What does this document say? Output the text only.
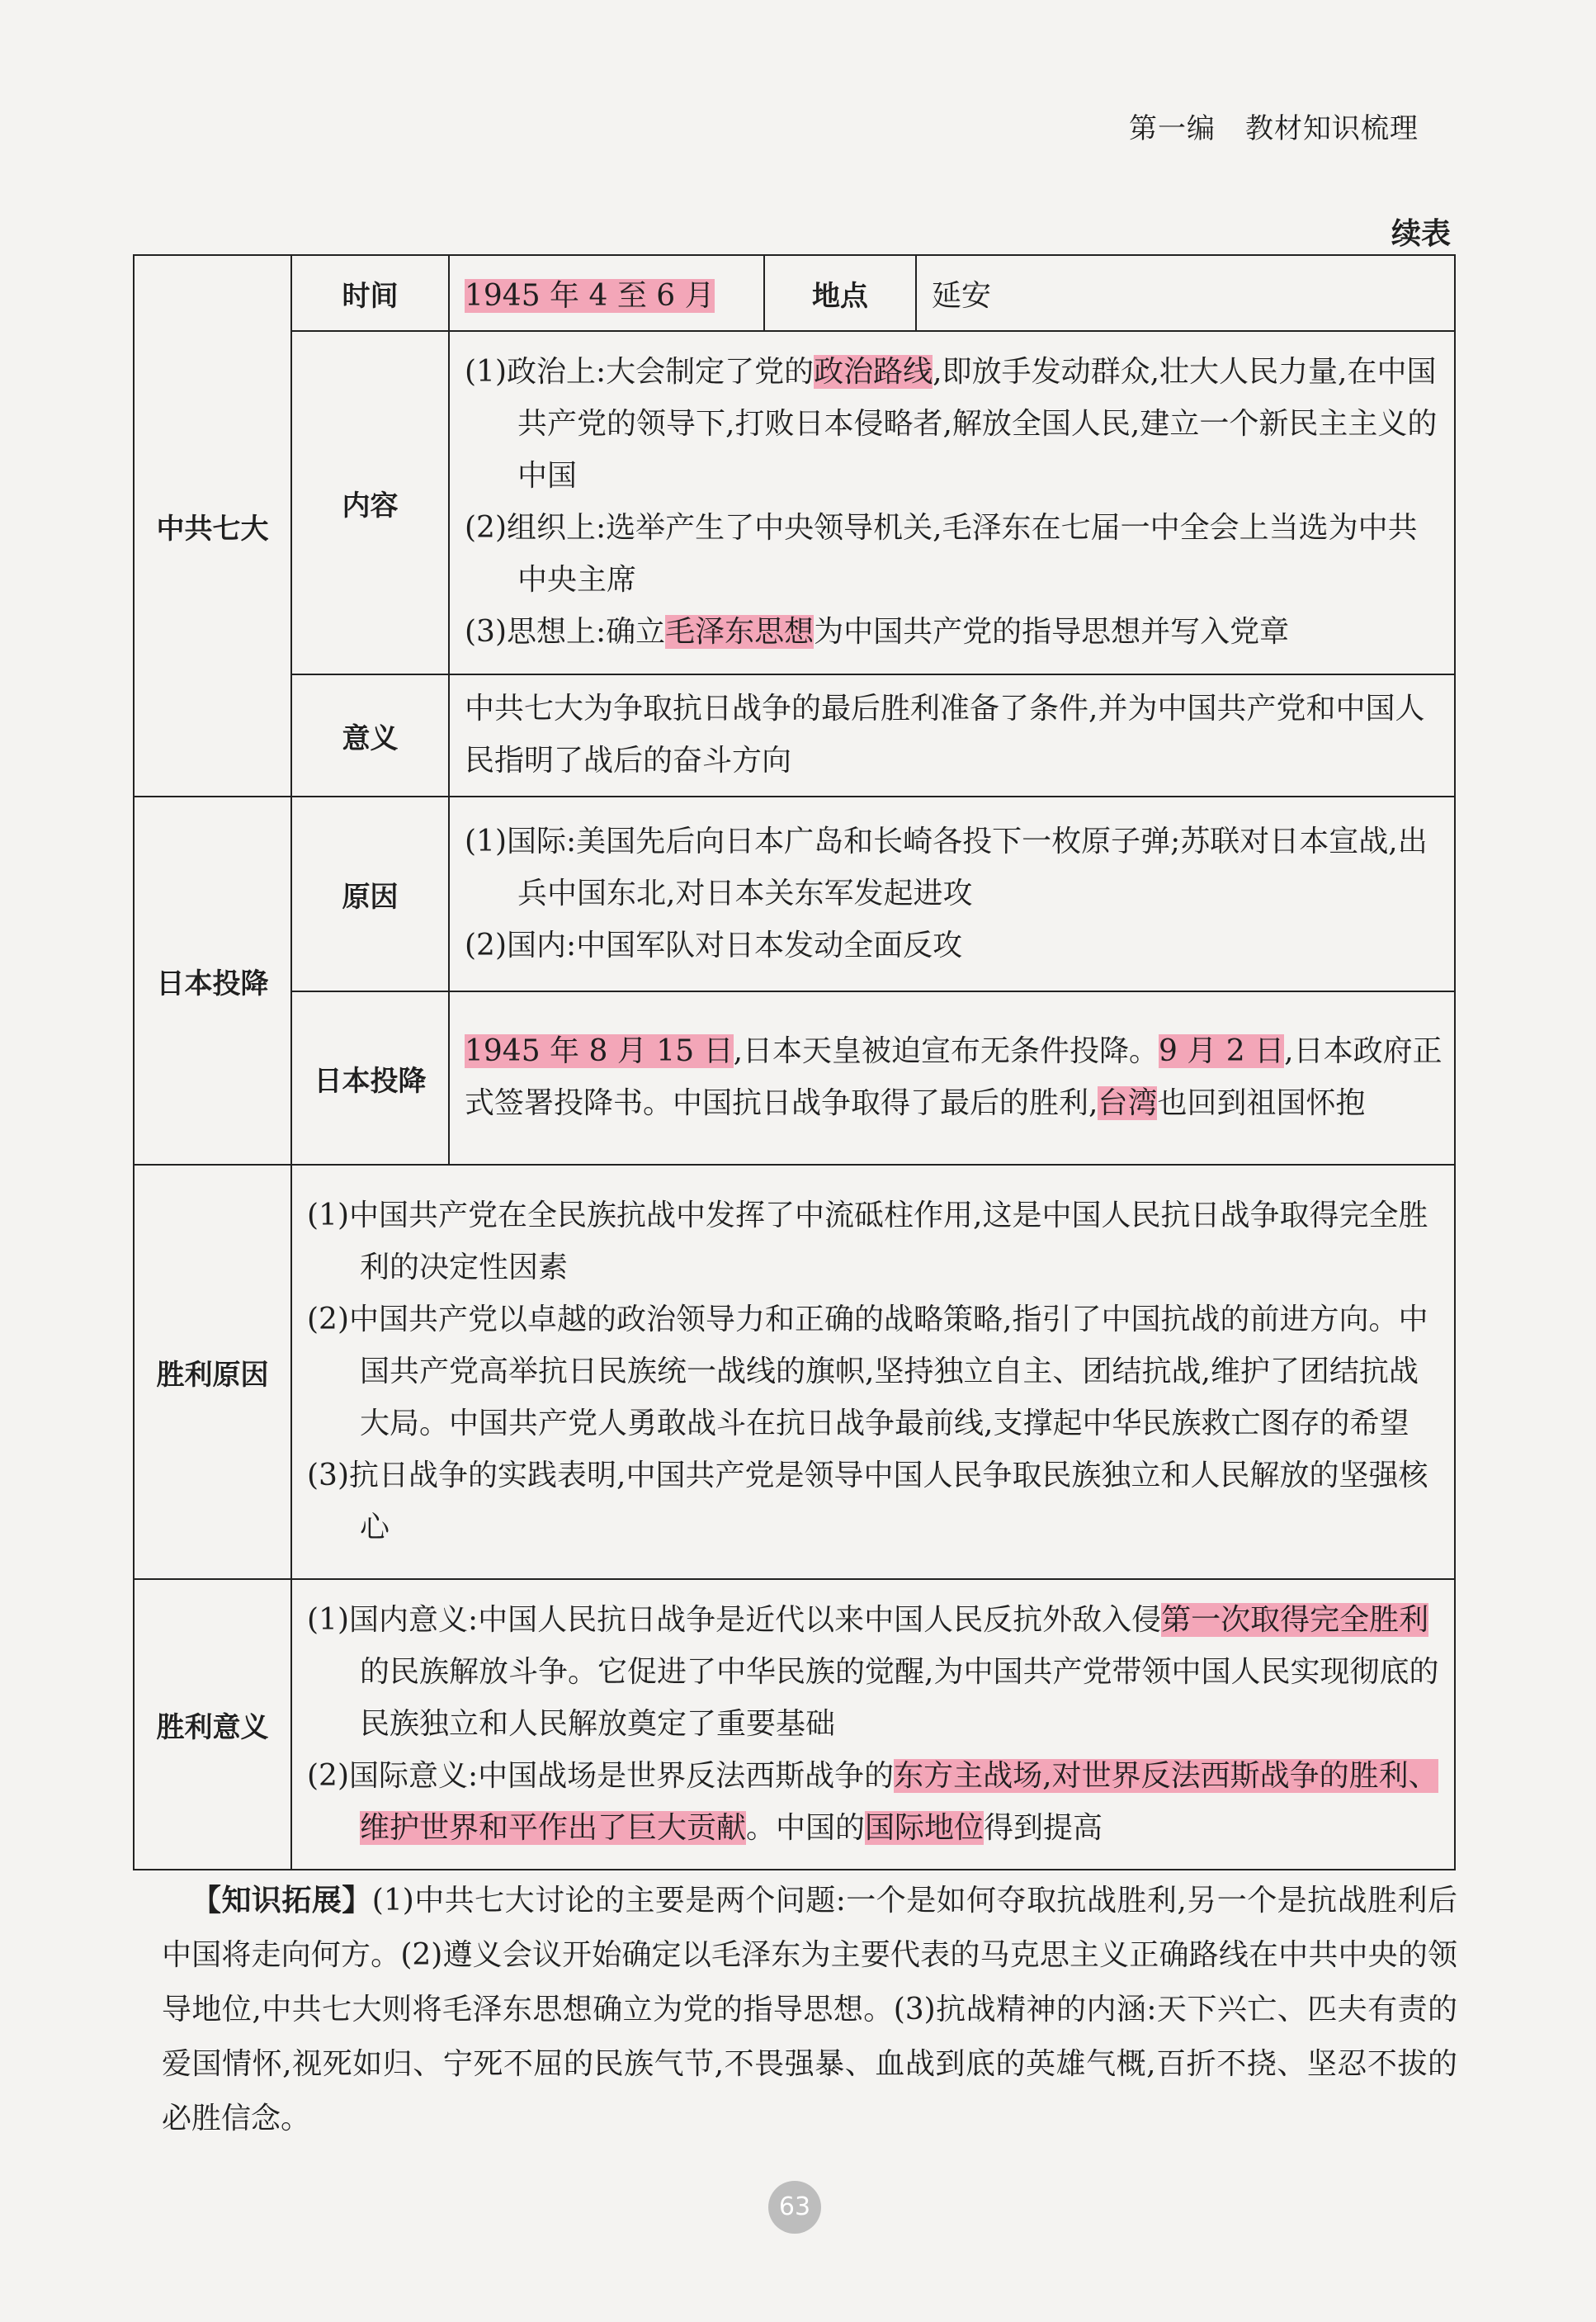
第一编 教材知识梳理
续表
中共七大	时间	1945 年 4 至 6 月	地点	延安
	内容	(1)政治上:大会制定了党的政治路线,即放手发动群众,壮大人民力量,在中国共产党的领导下,打败日本侵略者,解放全国人民,建立一个新民主主义的中国
(2)组织上:选举产生了中央领导机关,毛泽东在七届一中全会上当选为中共中央主席
(3)思想上:确立毛泽东思想为中国共产党的指导思想并写入党章		

	意义	中共七大为争取抗日战争的最后胜利准备了条件,并为中国共产党和中国人民指明了战后的奋斗方向		
日本投降	原因	(1)国际:美国先后向日本广岛和长崎各投下一枚原子弹;苏联对日本宣战,出兵中国东北,对日本关东军发起进攻
(2)国内:中国军队对日本发动全面反攻		

	日本投降	1945 年 8 月 15 日,日本天皇被迫宣布无条件投降。9 月 2 日,日本政府正式签署投降书。中国抗日战争取得了最后的胜利,台湾也回到祖国怀抱		
胜利原因	(1)中国共产党在全民族抗战中发挥了中流砥柱作用,这是中国人民抗日战争取得完全胜利的决定性因素
(2)中国共产党以卓越的政治领导力和正确的战略策略,指引了中国抗战的前进方向。中国共产党高举抗日民族统一战线的旗帜,坚持独立自主、团结抗战,维护了团结抗战大局。中国共产党人勇敢战斗在抗日战争最前线,支撑起中华民族救亡图存的希望
(3)抗日战争的实践表明,中国共产党是领导中国人民争取民族独立和人民解放的坚强核心			

胜利意义	(1)国内意义:中国人民抗日战争是近代以来中国人民反抗外敌入侵第一次取得完全胜利的民族解放斗争。它促进了中华民族的觉醒,为中国共产党带领中国人民实现彻底的民族独立和人民解放奠定了重要基础
(2)国际意义:中国战场是世界反法西斯战争的东方主战场,对世界反法西斯战争的胜利、维护世界和平作出了巨大贡献。中国的国际地位得到提高			
【知识拓展】(1)中共七大讨论的主要是两个问题:一个是如何夺取抗战胜利,另一个是抗战胜利后中国将走向何方。(2)遵义会议开始确定以毛泽东为主要代表的马克思主义正确路线在中共中央的领导地位,中共七大则将毛泽东思想确立为党的指导思想。(3)抗战精神的内涵:天下兴亡、匹夫有责的爱国情怀,视死如归、宁死不屈的民族气节,不畏强暴、血战到底的英雄气概,百折不挠、坚忍不拔的必胜信念。
63
